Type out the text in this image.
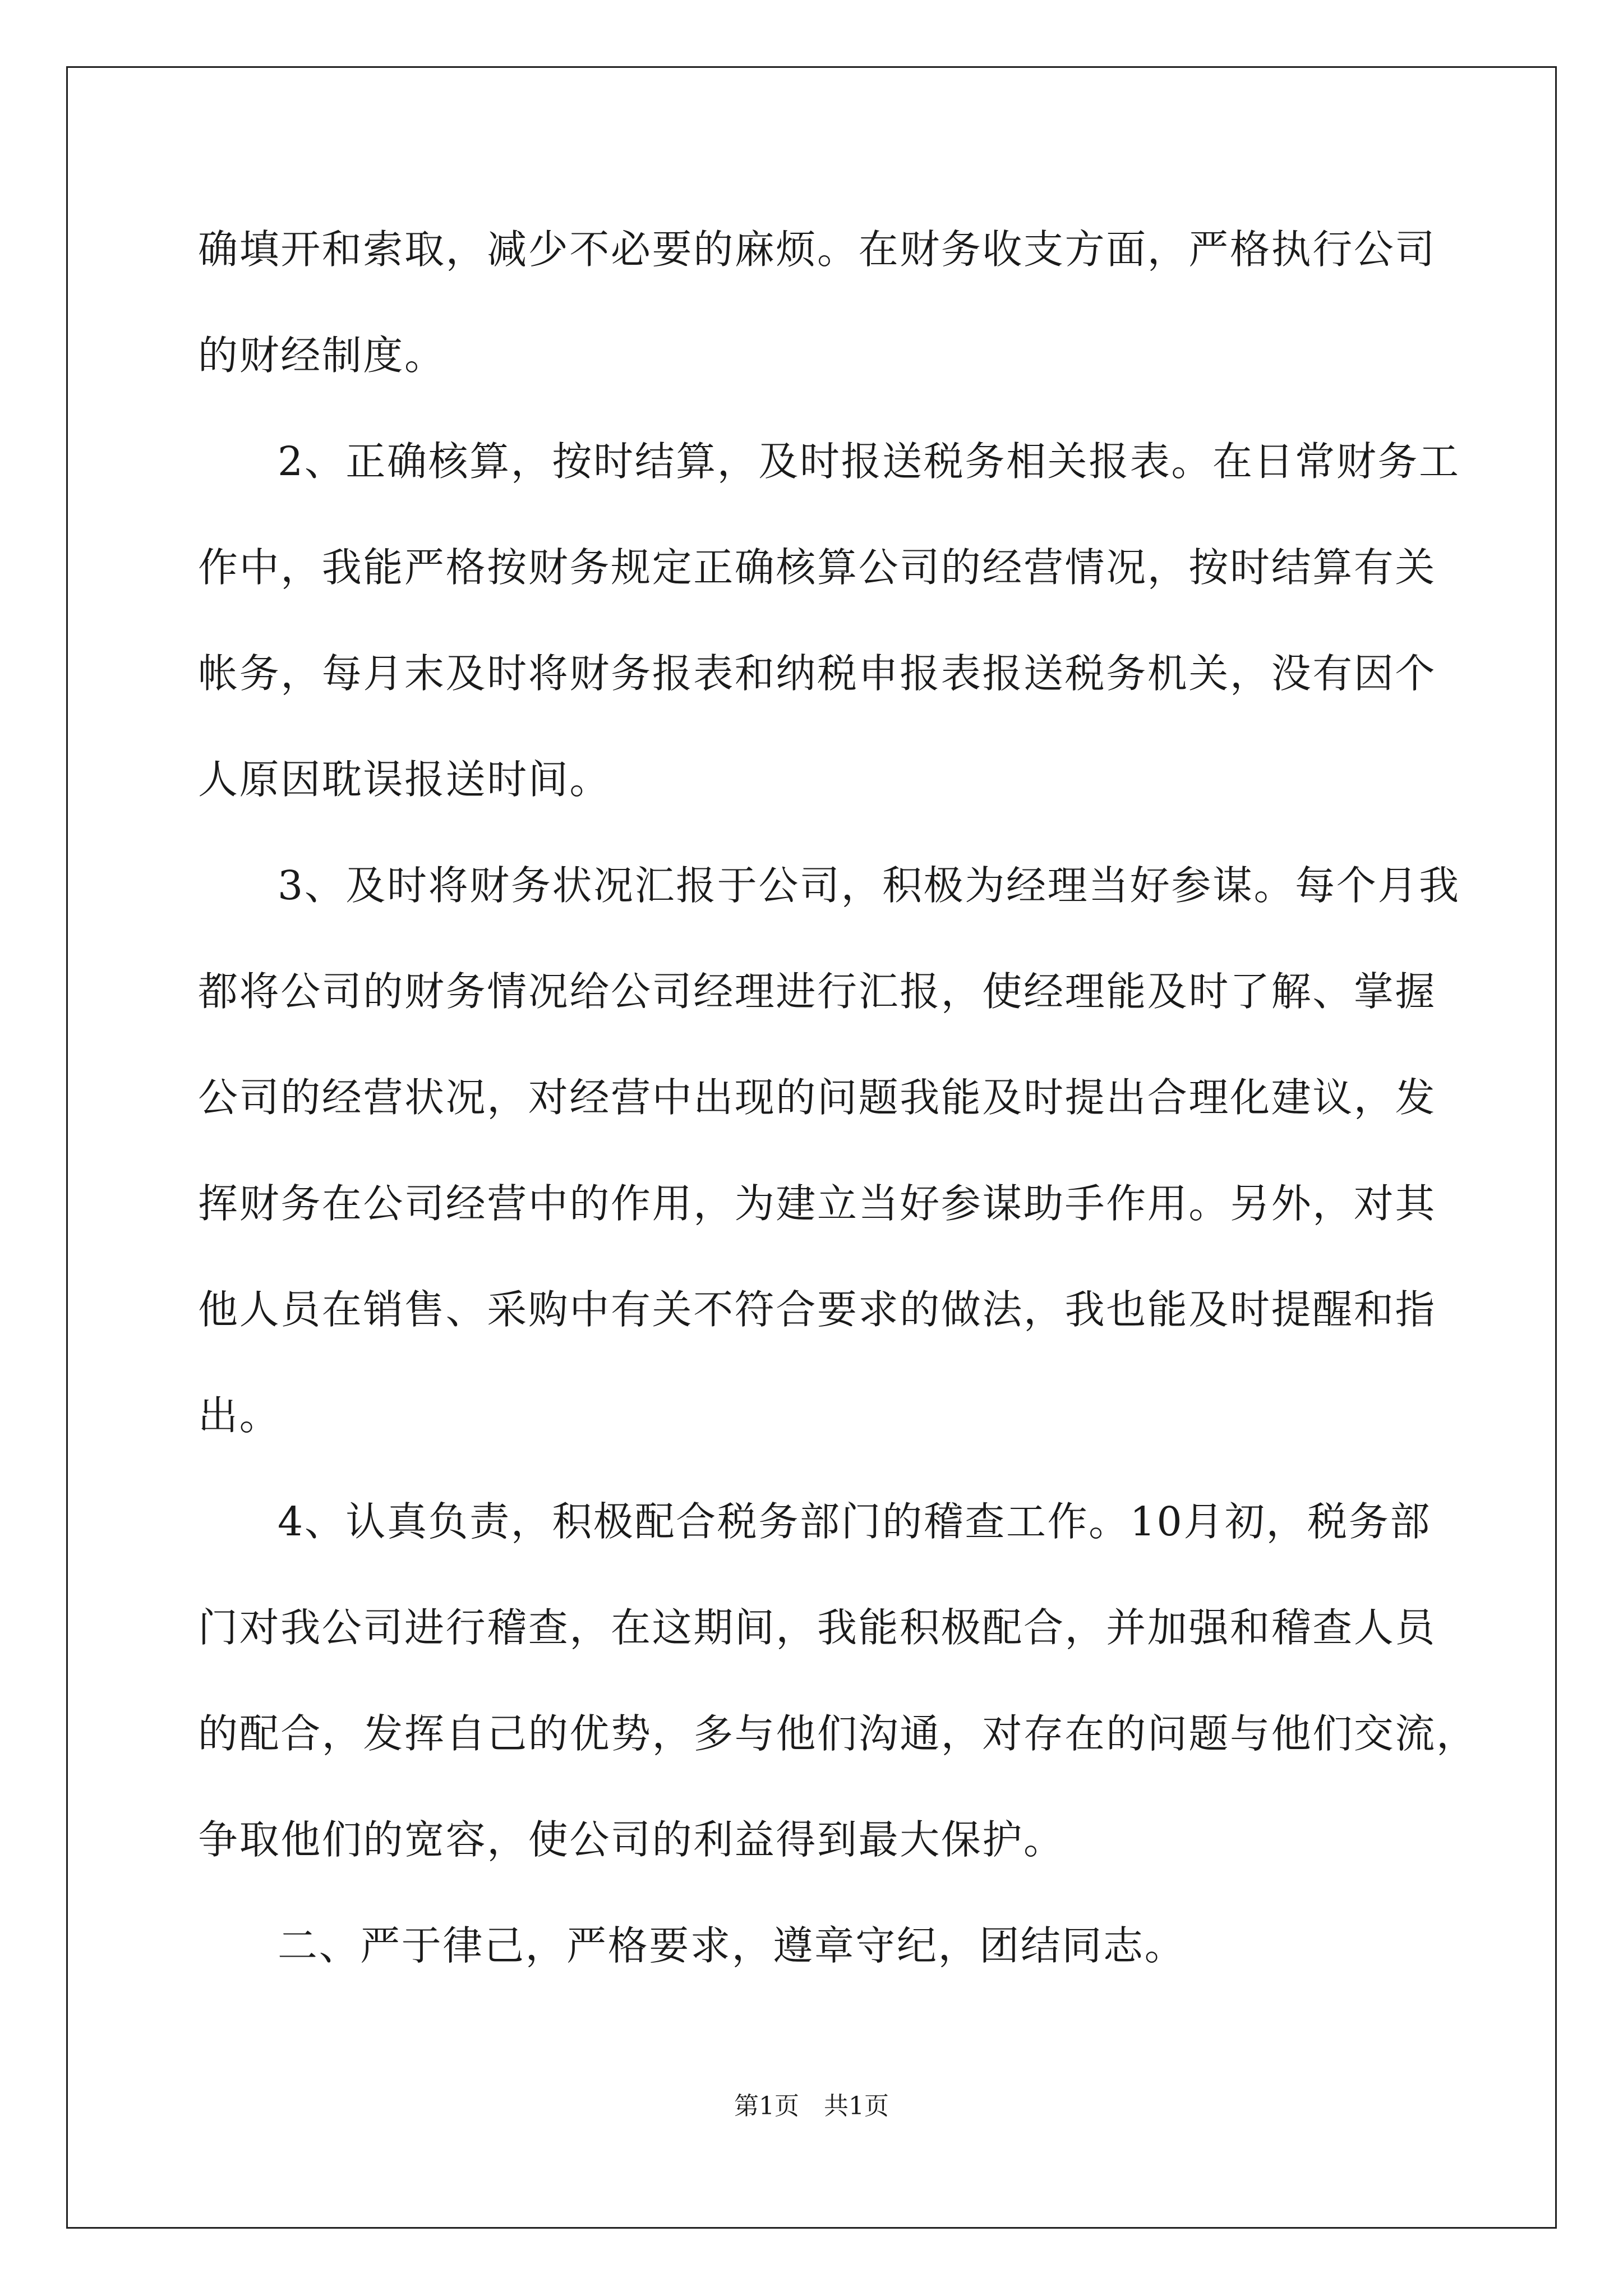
确填开和索取，减少不必要的麻烦。在财务收支方面，严格执行公司
的财经制度。
2、正确核算，按时结算，及时报送税务相关报表。在日常财务工
作中，我能严格按财务规定正确核算公司的经营情况，按时结算有关
帐务，每月末及时将财务报表和纳税申报表报送税务机关，没有因个
人原因耽误报送时间。
3、及时将财务状况汇报于公司，积极为经理当好参谋。每个月我
都将公司的财务情况给公司经理进行汇报，使经理能及时了解、掌握
公司的经营状况，对经营中出现的问题我能及时提出合理化建议，发
挥财务在公司经营中的作用，为建立当好参谋助手作用。另外，对其
他人员在销售、采购中有关不符合要求的做法，我也能及时提醒和指
出。
4、认真负责，积极配合税务部门的稽查工作。10月初，税务部
门对我公司进行稽查，在这期间，我能积极配合，并加强和稽查人员
的配合，发挥自己的优势，多与他们沟通，对存在的问题与他们交流，
争取他们的宽容，使公司的利益得到最大保护。
二、严于律己，严格要求，遵章守纪，团结同志。
第1页　共1页
